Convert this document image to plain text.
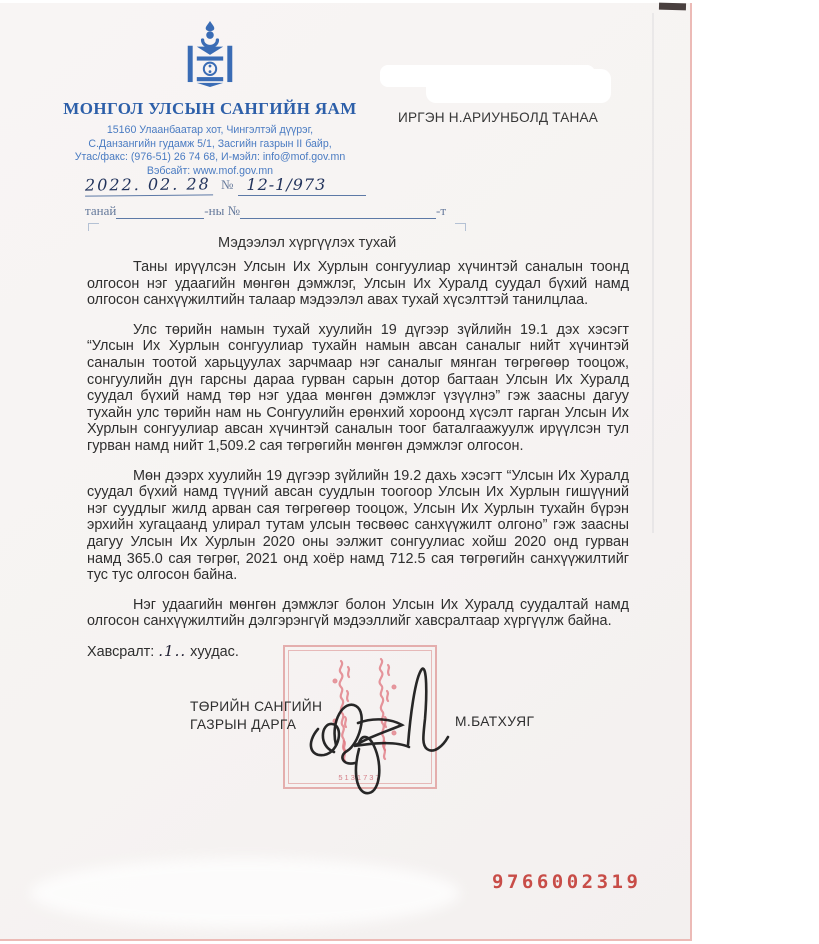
МОНГОЛ УЛСЫН САНГИЙН ЯАМ
15160 Улаанбаатар хот, Чингэлтэй дүүрэг,
С.Данзангийн гудамж 5/1, Засгийн газрын II байр,
Утас/факс: (976-51) 26 74 68, И-мэйл: info@mof.gov.mn
Вэбсайт: www.mof.gov.mn
2022. 02. 28 № 12-1/973
танай	-ны №	-т
ИРГЭН Н.АРИУНБОЛД ТАНАА
Мэдээлэл хүргүүлэх тухай

Таны ирүүлсэн Улсын Их Хурлын сонгуулиар хүчинтэй саналын тоонд олгосон нэг удаагийн мөнгөн дэмжлэг, Улсын Их Хуралд суудал бүхий намд олгосон санхүүжилтийн талаар мэдээлэл авах тухай хүсэлттэй танилцлаа.

Улс төрийн намын тухай хуулийн 19 дүгээр зүйлийн 19.1 дэх хэсэгт “Улсын Их Хурлын сонгуулиар тухайн намын авсан саналыг нийт хүчинтэй саналын тоотой харьцуулах зарчмаар нэг саналыг мянган төгрөгөөр тооцож, сонгуулийн дүн гарсны дараа гурван сарын дотор багтаан Улсын Их Хуралд суудал бүхий намд төр нэг удаа мөнгөн дэмжлэг үзүүлнэ” гэж заасны дагуу тухайн улс төрийн нам нь Сонгуулийн ерөнхий хороонд хүсэлт гарган Улсын Их Хурлын сонгуулиар авсан хүчинтэй саналын тоог баталгаажуулж ирүүлсэн тул гурван намд нийт 1,509.2 сая төгрөгийн мөнгөн дэмжлэг олгосон.

Мөн дээрх хуулийн 19 дүгээр зүйлийн 19.2 дахь хэсэгт “Улсын Их Хуралд суудал бүхий намд түүний авсан суудлын тоогоор Улсын Их Хурлын гишүүний нэг суудлыг жилд арван сая төгрөгөөр тооцож, Улсын Их Хурлын тухайн бүрэн эрхийн хугацаанд улирал тутам улсын төсвөөс санхүүжилт олгоно” гэж заасны дагуу Улсын Их Хурлын 2020 оны ээлжит сонгуулиас хойш 2020 онд гурван намд 365.0 сая төгрөг, 2021 онд хоёр намд 712.5 сая төгрөгийн санхүүжилтийг тус тус олгосон байна.

Нэг удаагийн мөнгөн дэмжлэг болон Улсын Их Хуралд суудалтай намд олгосон санхүүжилтийн дэлгэрэнгүй мэдээллийг хавсралтаар хүргүүлж байна.

Хавсралт: .1.. хуудас.
5131737
ТӨРИЙН САНГИЙН
ГАЗРЫН ДАРГА	М.БАТХУЯГ
9766002319
